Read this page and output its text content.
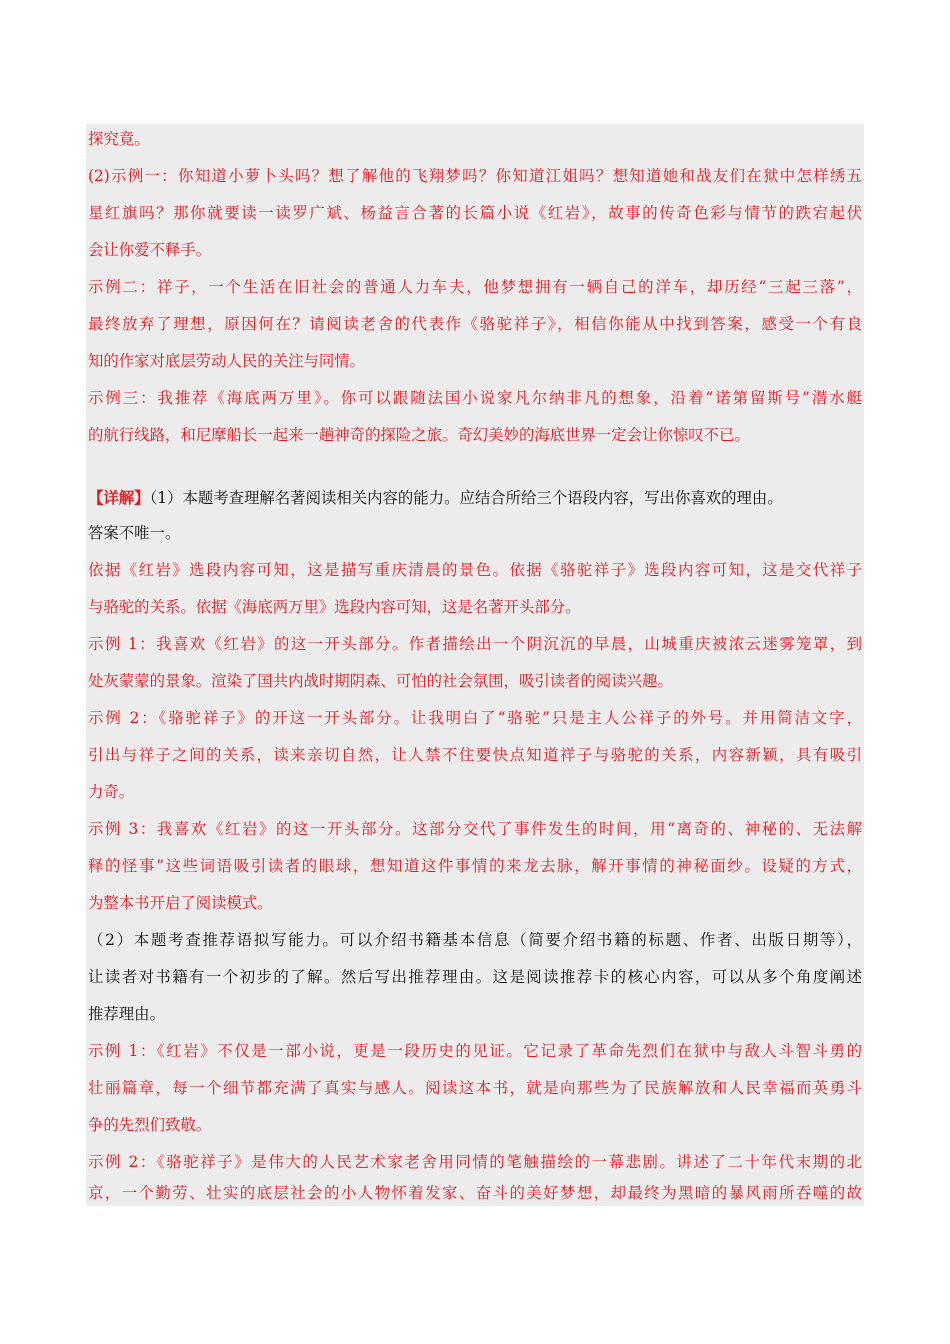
探究竟。
(2)示例一：你知道小萝卜头吗？想了解他的飞翔梦吗？你知道江姐吗？想知道她和战友们在狱中怎样绣五
星红旗吗？那你就要读一读罗广斌、杨益言合著的长篇小说《红岩》，故事的传奇色彩与情节的跌宕起伏
会让你爱不释手。
示例二：祥子，一个生活在旧社会的普通人力车夫，他梦想拥有一辆自己的洋车，却历经“三起三落”，
最终放弃了理想，原因何在？请阅读老舍的代表作《骆驼祥子》，相信你能从中找到答案，感受一个有良
知的作家对底层劳动人民的关注与同情。
示例三：我推荐《海底两万里》。你可以跟随法国小说家凡尔纳非凡的想象，沿着“诺第留斯号”潜水艇
的航行线路，和尼摩船长一起来一趟神奇的探险之旅。奇幻美妙的海底世界一定会让你惊叹不已。
【详解】（1）本题考查理解名著阅读相关内容的能力。应结合所给三个语段内容，写出你喜欢的理由。
答案不唯一。
依据《红岩》选段内容可知，这是描写重庆清晨的景色。依据《骆驼祥子》选段内容可知，这是交代祥子
与骆驼的关系。依据《海底两万里》选段内容可知，这是名著开头部分。
示例 1：我喜欢《红岩》的这一开头部分。作者描绘出一个阴沉沉的早晨，山城重庆被浓云迷雾笼罩，到
处灰蒙蒙的景象。渲染了国共内战时期阴森、可怕的社会氛围，吸引读者的阅读兴趣。
示例 2：《骆驼祥子》的开这一开头部分。让我明白了“骆驼”只是主人公祥子的外号。并用简洁文字，
引出与祥子之间的关系，读来亲切自然，让人禁不住要快点知道祥子与骆驼的关系，内容新颖，具有吸引
力奇。
示例 3：我喜欢《红岩》的这一开头部分。这部分交代了事件发生的时间，用“离奇的、神秘的、无法解
释的怪事”这些词语吸引读者的眼球，想知道这件事情的来龙去脉，解开事情的神秘面纱。设疑的方式，
为整本书开启了阅读模式。
（2）本题考查推荐语拟写能力。可以介绍书籍基本信息（简要介绍书籍的标题、作者、出版日期等），
让读者对书籍有一个初步的了解。然后写出推荐理由。这是阅读推荐卡的核心内容，可以从多个角度阐述
推荐理由。
示例 1：《红岩》不仅是一部小说，更是一段历史的见证。它记录了革命先烈们在狱中与敌人斗智斗勇的
壮丽篇章，每一个细节都充满了真实与感人。阅读这本书，就是向那些为了民族解放和人民幸福而英勇斗
争的先烈们致敬。
示例 2：《骆驼祥子》是伟大的人民艺术家老舍用同情的笔触描绘的一幕悲剧。讲述了二十年代末期的北
京，一个勤劳、壮实的底层社会的小人物怀着发家、奋斗的美好梦想，却最终为黑暗的暴风雨所吞噬的故
